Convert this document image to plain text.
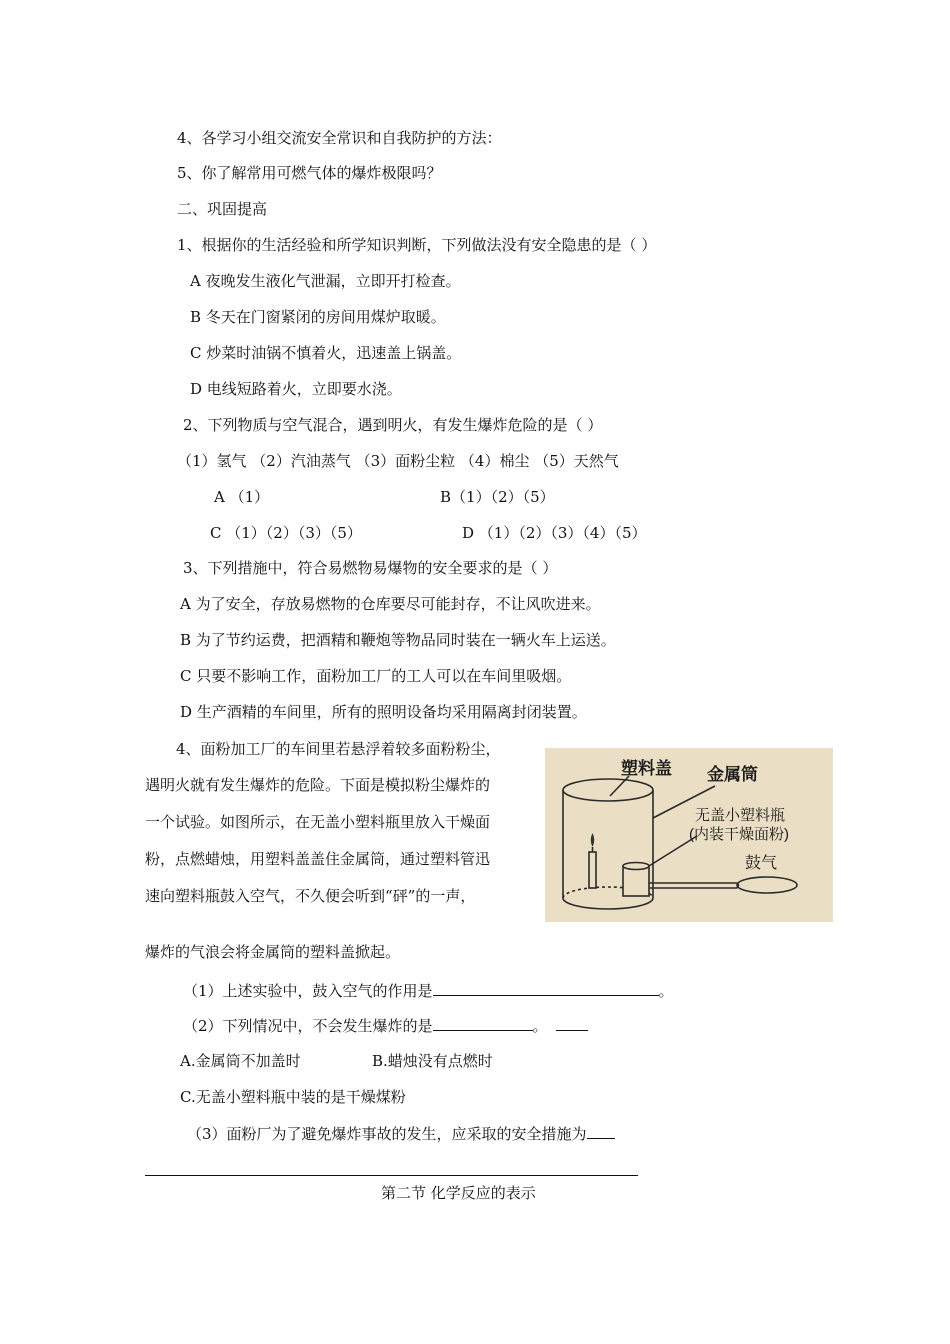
4、各学习小组交流安全常识和自我防护的方法：
5、你了解常用可燃气体的爆炸极限吗？
二、巩固提高
1、根据你的生活经验和所学知识判断，下列做法没有安全隐患的是（ ）
A 夜晚发生液化气泄漏，立即开打检查。
B 冬天在门窗紧闭的房间用煤炉取暖。
C 炒菜时油锅不慎着火，迅速盖上锅盖。
D 电线短路着火，立即要水浇。
2、下列物质与空气混合，遇到明火，有发生爆炸危险的是（ ）
（1）氢气 （2）汽油蒸气 （3）面粉尘粒 （4）棉尘 （5）天然气
A （1）	B（1）（2）（5）
C （1）（2）（3）（5）	D （1）（2）（3）（4）（5）
3、下列措施中，符合易燃物易爆物的安全要求的是（ ）
A 为了安全，存放易燃物的仓库要尽可能封存，不让风吹进来。
B 为了节约运费，把酒精和鞭炮等物品同时装在一辆火车上运送。
C 只要不影响工作，面粉加工厂的工人可以在车间里吸烟。
D 生产酒精的车间里，所有的照明设备均采用隔离封闭装置。
4、面粉加工厂的车间里若悬浮着较多面粉粉尘，
遇明火就有发生爆炸的危险。下面是模拟粉尘爆炸的
一个试验。如图所示，在无盖小塑料瓶里放入干燥面
粉，点燃蜡烛，用塑料盖盖住金属筒，通过塑料管迅
速向塑料瓶鼓入空气，不久便会听到“砰”的一声，
爆炸的气浪会将金属筒的塑料盖掀起。
塑料盖 金属筒
无盖小塑料瓶
(内装干燥面粉)
鼓气
（1）上述实验中，鼓入空气的作用是	。
（2）下列情况中，不会发生爆炸的是	。
A.金属筒不加盖时	B.蜡烛没有点燃时
C.无盖小塑料瓶中装的是干燥煤粉
（3）面粉厂为了避免爆炸事故的发生，应采取的安全措施为
第二节 化学反应的表示
